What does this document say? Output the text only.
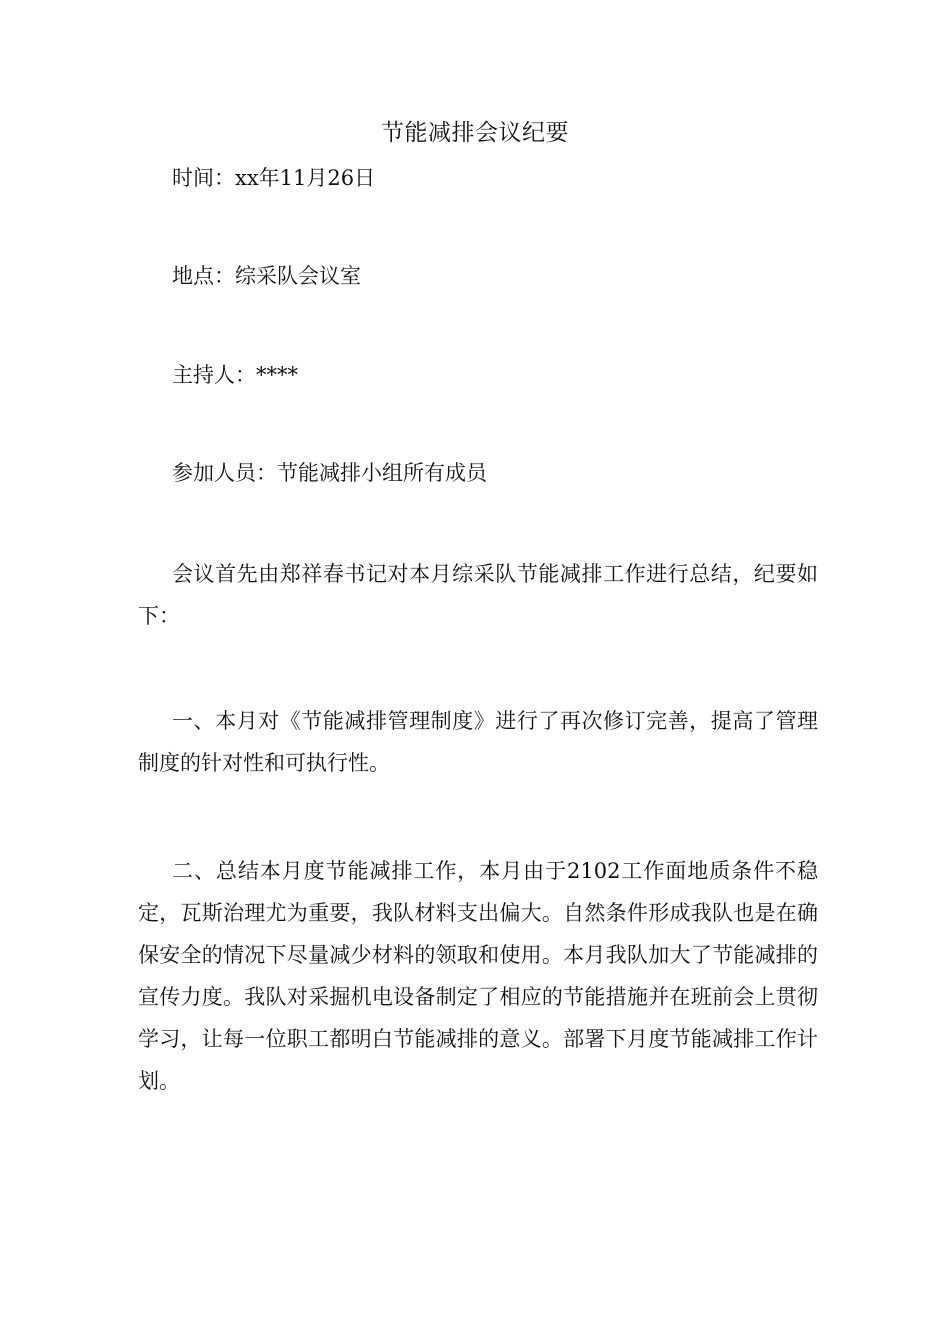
节能减排会议纪要
时间：xx年11月26日
地点：综采队会议室
主持人：****
参加人员：节能减排小组所有成员
会议首先由郑祥春书记对本月综采队节能减排工作进行总结，纪要如下：
一、本月对《节能减排管理制度》进行了再次修订完善，提高了管理制度的针对性和可执行性。
二、总结本月度节能减排工作，本月由于2102工作面地质条件不稳定，瓦斯治理尤为重要，我队材料支出偏大。自然条件形成我队也是在确保安全的情况下尽量减少材料的领取和使用。本月我队加大了节能减排的宣传力度。我队对采掘机电设备制定了相应的节能措施并在班前会上贯彻学习，让每一位职工都明白节能减排的意义。部署下月度节能减排工作计划。
